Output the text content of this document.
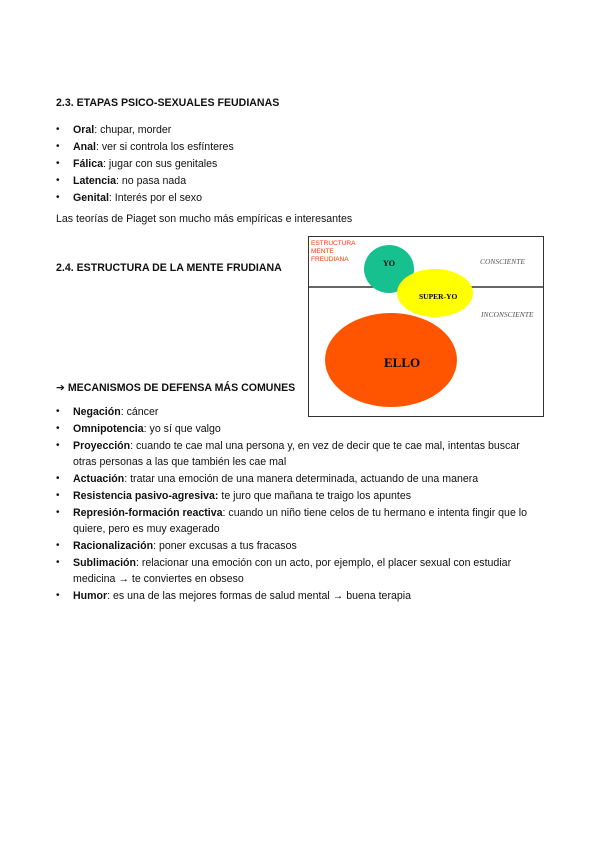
2.3. ETAPAS PSICO-SEXUALES FEUDIANAS
• Oral: chupar, morder
• Anal: ver si controla los esfínteres
• Fálica: jugar con sus genitales
• Latencia: no pasa nada
• Genital: Interés por el sexo
Las teorías de Piaget son mucho más empíricas e interesantes
2.4. ESTRUCTURA DE LA MENTE FRUDIANA
ESTRUCTURA
MENTE
FREUDIANA	YO
SUPER-YO
ELLO
CONSCIENTE
INCONSCIENTE
➔ MECANISMOS DE DEFENSA MÁS COMUNES
• Negación: cáncer
• Omnipotencia: yo sí que valgo
• Proyección: cuando te cae mal una persona y, en vez de decir que te cae mal, intentas buscar
otras personas a las que también les cae mal
• Actuación: tratar una emoción de una manera determinada, actuando de una manera
• Resistencia pasivo-agresiva: te juro que mañana te traigo los apuntes
• Represión-formación reactiva: cuando un niño tiene celos de tu hermano e intenta fingir que lo
quiere, pero es muy exagerado
• Racionalización: poner excusas a tus fracasos
• Sublimación: relacionar una emoción con un acto, por ejemplo, el placer sexual con estudiar
medicina → te conviertes en obseso
• Humor: es una de las mejores formas de salud mental → buena terapia
